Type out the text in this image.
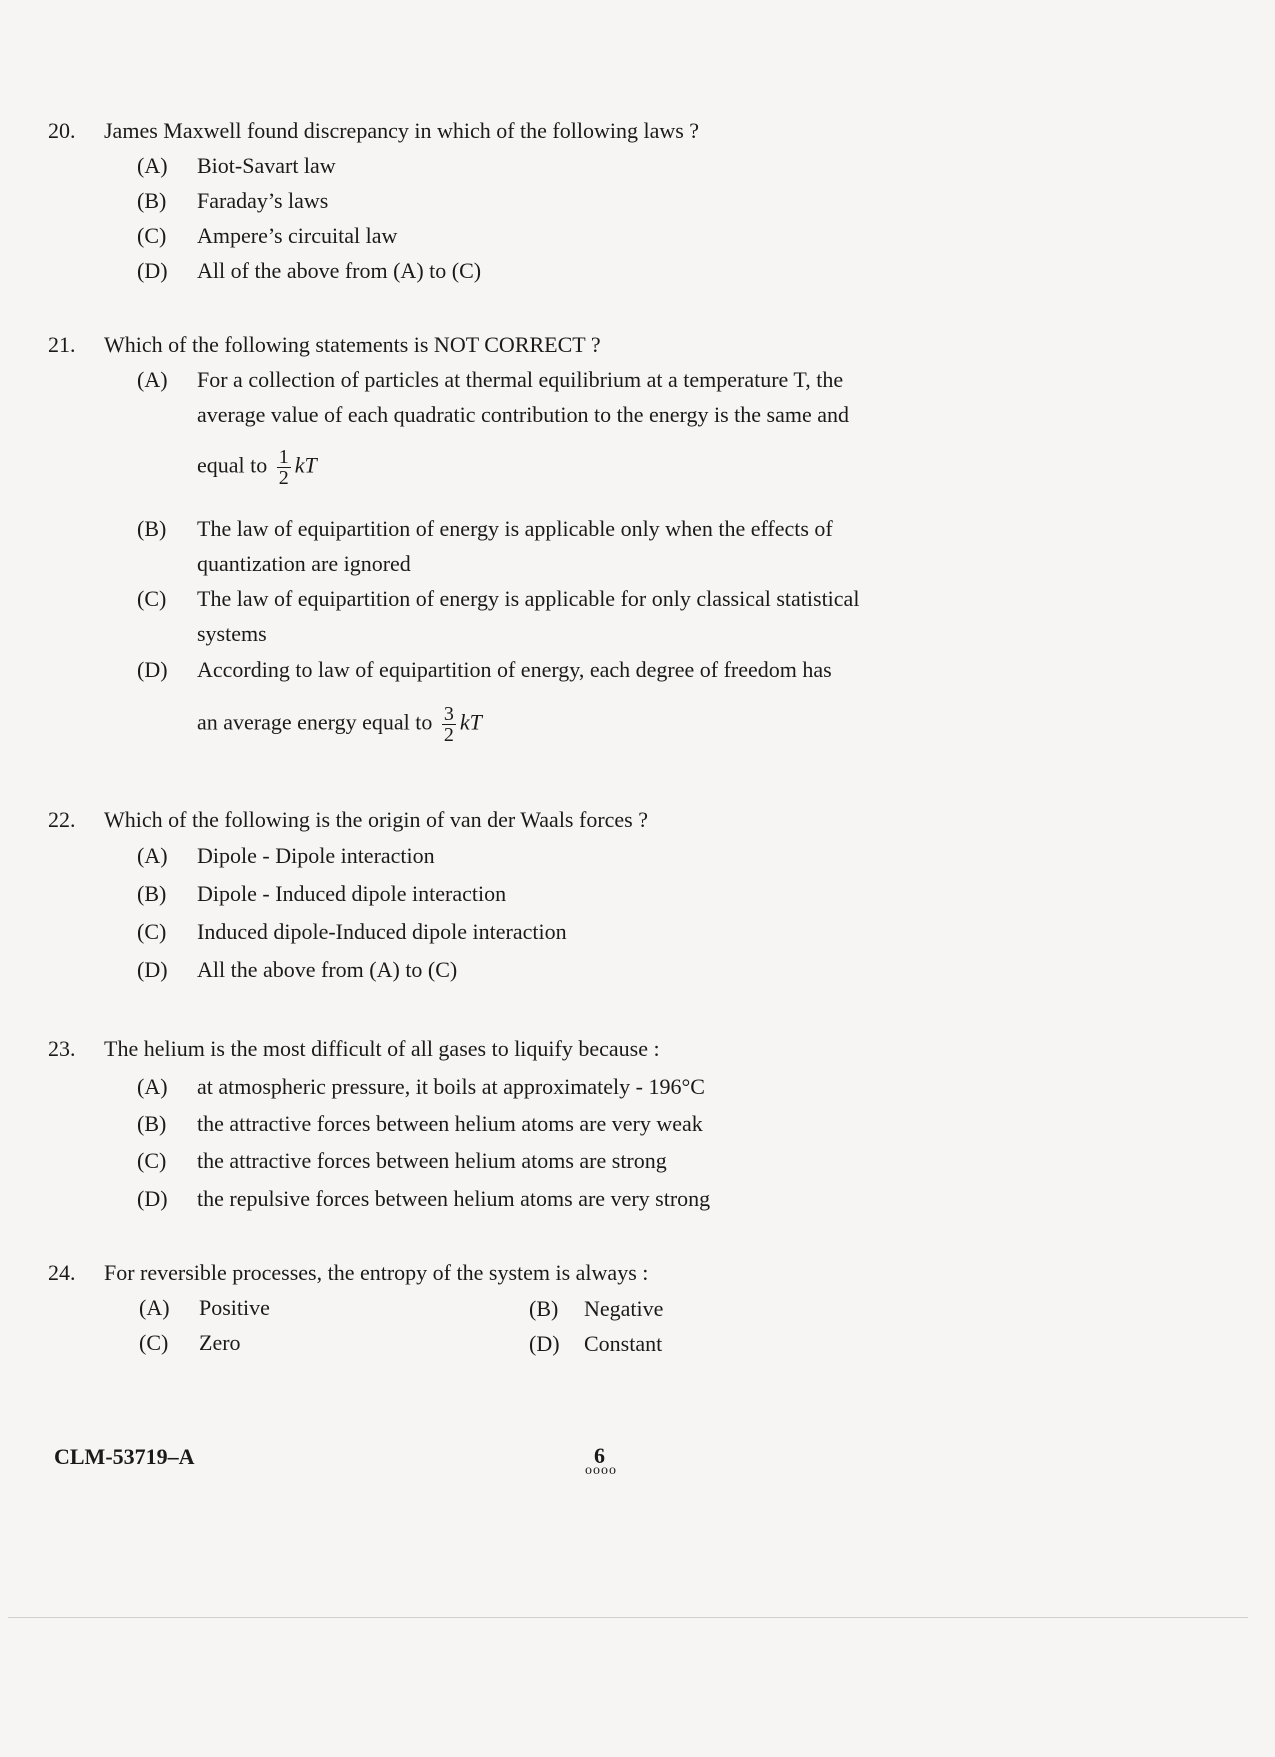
20. James Maxwell found discrepancy in which of the following laws ?
(A) Biot-Savart law
(B) Faraday’s laws
(C) Ampere’s circuital law
(D) All of the above from (A) to (C)
21. Which of the following statements is NOT CORRECT ?
(A) For a collection of particles at thermal equilibrium at a temperature T, the
average value of each quadratic contribution to the energy is the same and
equal to $\frac{1}{2}$ kT
(B) The law of equipartition of energy is applicable only when the effects of
quantization are ignored
(C) The law of equipartition of energy is applicable for only classical statistical
systems
(D) According to law of equipartition of energy, each degree of freedom has
an average energy equal to $\frac{3}{2}$ kT
22. Which of the following is the origin of van der Waals forces ?
(A) Dipole - Dipole interaction
(B) Dipole - Induced dipole interaction
(C) Induced dipole-Induced dipole interaction
(D) All the above from (A) to (C)
23. The helium is the most difficult of all gases to liquify because :
(A) at atmospheric pressure, it boils at approximately - 196°C
(B) the attractive forces between helium atoms are very weak
(C) the attractive forces between helium atoms are strong
(D) the repulsive forces between helium atoms are very strong
24. For reversible processes, the entropy of the system is always :
(A) Positive	(B) Negative
(C) Zero	(D) Constant
CLM-53719–A	6
oooo
